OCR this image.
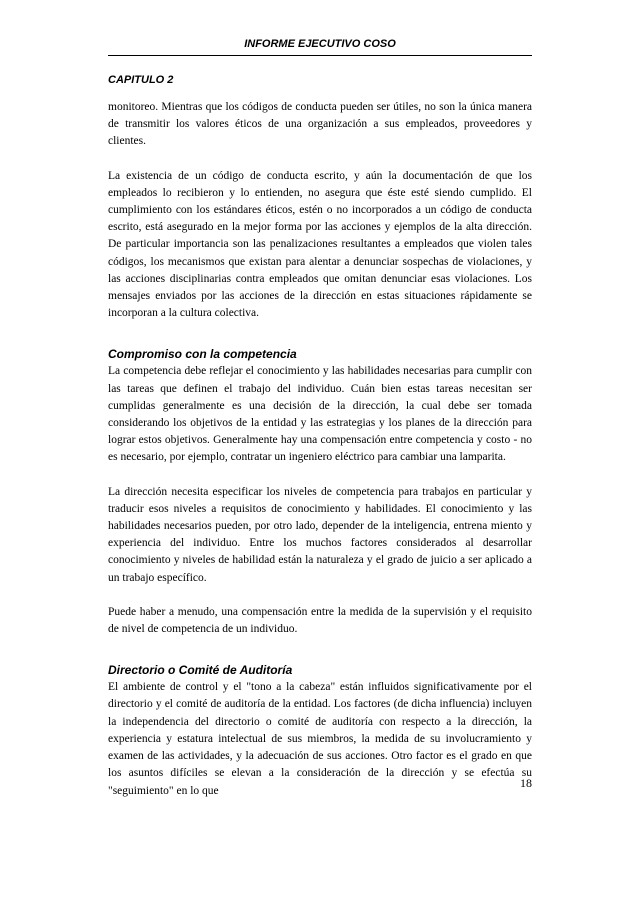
INFORME EJECUTIVO COSO
CAPITULO 2

monitoreo. Mientras que los códigos de conducta pueden ser útiles, no son la única manera de transmitir los valores éticos de una organización a sus empleados, proveedores y clientes.

La existencia de un código de conducta escrito, y aún la documentación de que los empleados lo recibieron y lo entienden, no asegura que éste esté siendo cumplido. El cumplimiento con los estándares éticos, estén o no incorporados a un código de conducta escrito, está asegurado en la mejor forma por las acciones y ejemplos de la alta dirección. De particular importancia son las penalizaciones resultantes a empleados que violen tales códigos, los mecanismos que existan para alentar a denunciar sospechas de violaciones, y las acciones disciplinarias contra empleados que omitan denunciar esas violaciones. Los mensajes enviados por las acciones de la dirección en estas situaciones rápidamente se incorporan a la cultura colectiva.

Compromiso con la competencia

La competencia debe reflejar el conocimiento y las habilidades necesarias para cumplir con las tareas que definen el trabajo del individuo. Cuán bien estas tareas necesitan ser cumplidas generalmente es una decisión de la dirección, la cual debe ser tomada considerando los objetivos de la entidad y las estrategias y los planes de la dirección para lograr estos objetivos. Generalmente hay una compensación entre competencia y costo - no es necesario, por ejemplo, contratar un ingeniero eléctrico para cambiar una lamparita.

La dirección necesita especificar los niveles de competencia para trabajos en particular y traducir esos niveles a requisitos de conocimiento y habilidades. El conocimiento y las habilidades necesarios pueden, por otro lado, depender de la inteligencia, entrena miento y experiencia del individuo. Entre los muchos factores considerados al desarrollar conocimiento y niveles de habilidad están la naturaleza y el grado de juicio a ser aplicado a un trabajo específico.

Puede haber a menudo, una compensación entre la medida de la supervisión y el requisito de nivel de competencia de un individuo.

Directorio o Comité de Auditoría

El ambiente de control y el "tono a la cabeza" están influidos significativamente por el directorio y el comité de auditoría de la entidad. Los factores (de dicha influencia) incluyen la independencia del directorio o comité de auditoría con respecto a la dirección, la experiencia y estatura intelectual de sus miembros, la medida de su involucramiento y examen de las actividades, y la adecuación de sus acciones. Otro factor es el grado en que los asuntos difíciles se elevan a la consideración de la dirección y se efectúa su "seguimiento" en lo que

18
